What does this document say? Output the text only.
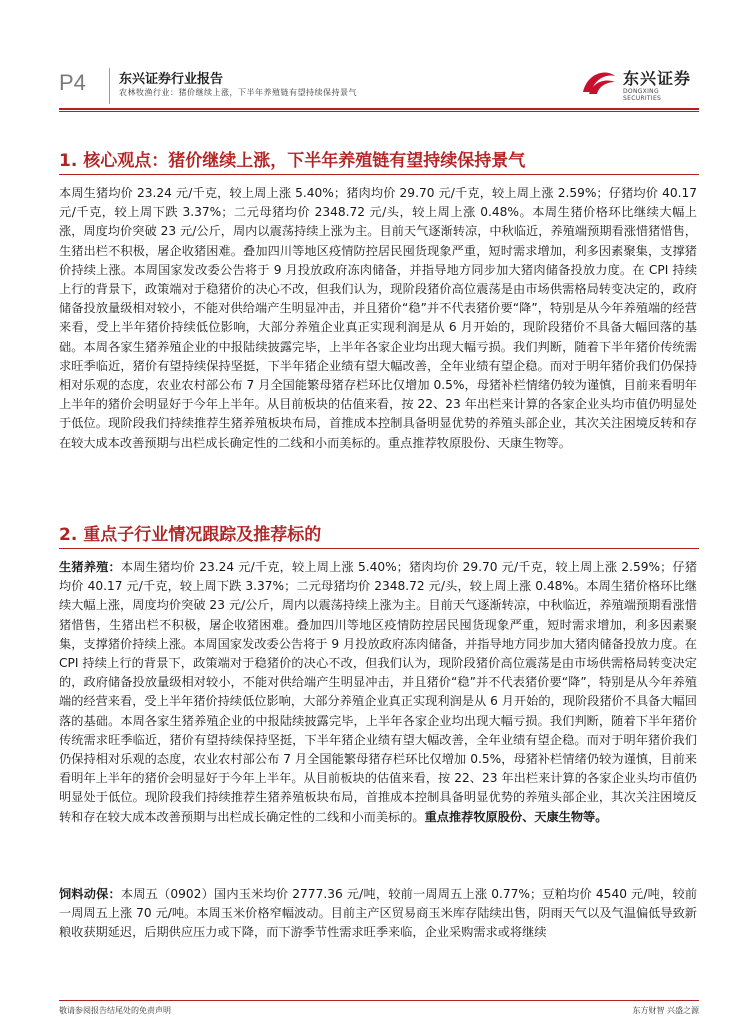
P4	东兴证券行业报告
农林牧渔行业：猪价继续上涨，下半年养殖链有望持续保持景气
东兴证券
DONGXING SECURITIES
1. 核心观点：猪价继续上涨，下半年养殖链有望持续保持景气
本周生猪均价 23.24 元/千克，较上周上涨 5.40%；猪肉均价 29.70 元/千克，较上周上涨 2.59%；仔猪均价 40.17 元/千克，较上周下跌 3.37%；二元母猪均价 2348.72 元/头，较上周上涨 0.48%。本周生猪价格环比继续大幅上涨，周度均价突破 23 元/公斤，周内以震荡持续上涨为主。目前天气逐渐转凉，中秋临近，养殖端预期看涨惜猪惜售，生猪出栏不积极，屠企收猪困难。叠加四川等地区疫情防控居民囤货现象严重，短时需求增加，利多因素聚集，支撑猪价持续上涨。本周国家发改委公告将于 9 月投放政府冻肉储备，并指导地方同步加大猪肉储备投放力度。在 CPI 持续上行的背景下，政策端对于稳猪价的决心不改，但我们认为，现阶段猪价高位震荡是由市场供需格局转变决定的，政府储备投放量级相对较小，不能对供给端产生明显冲击，并且猪价“稳”并不代表猪价要“降”，特别是从今年养殖端的经营来看，受上半年猪价持续低位影响，大部分养殖企业真正实现利润是从 6 月开始的，现阶段猪价不具备大幅回落的基础。本周各家生猪养殖企业的中报陆续披露完毕，上半年各家企业均出现大幅亏损。我们判断，随着下半年猪价传统需求旺季临近，猪价有望持续保持坚挺，下半年猪企业绩有望大幅改善，全年业绩有望企稳。而对于明年猪价我们仍保持相对乐观的态度，农业农村部公布 7 月全国能繁母猪存栏环比仅增加 0.5%，母猪补栏情绪仍较为谨慎，目前来看明年上半年的猪价会明显好于今年上半年。从目前板块的估值来看，按 22、23 年出栏来计算的各家企业头均市值仍明显处于低位。现阶段我们持续推荐生猪养殖板块布局，首推成本控制具备明显优势的养殖头部企业，其次关注困境反转和存在较大成本改善预期与出栏成长确定性的二线和小而美标的。重点推荐牧原股份、天康生物等。
2. 重点子行业情况跟踪及推荐标的
生猪养殖：本周生猪均价 23.24 元/千克，较上周上涨 5.40%；猪肉均价 29.70 元/千克，较上周上涨 2.59%；仔猪均价 40.17 元/千克，较上周下跌 3.37%；二元母猪均价 2348.72 元/头，较上周上涨 0.48%。本周生猪价格环比继续大幅上涨，周度均价突破 23 元/公斤，周内以震荡持续上涨为主。目前天气逐渐转凉，中秋临近，养殖端预期看涨惜猪惜售，生猪出栏不积极，屠企收猪困难。叠加四川等地区疫情防控居民囤货现象严重，短时需求增加，利多因素聚集，支撑猪价持续上涨。本周国家发改委公告将于 9 月投放政府冻肉储备，并指导地方同步加大猪肉储备投放力度。在 CPI 持续上行的背景下，政策端对于稳猪价的决心不改，但我们认为，现阶段猪价高位震荡是由市场供需格局转变决定的，政府储备投放量级相对较小，不能对供给端产生明显冲击，并且猪价“稳”并不代表猪价要“降”，特别是从今年养殖端的经营来看，受上半年猪价持续低位影响，大部分养殖企业真正实现利润是从 6 月开始的，现阶段猪价不具备大幅回落的基础。本周各家生猪养殖企业的中报陆续披露完毕，上半年各家企业均出现大幅亏损。我们判断，随着下半年猪价传统需求旺季临近，猪价有望持续保持坚挺，下半年猪企业绩有望大幅改善，全年业绩有望企稳。而对于明年猪价我们仍保持相对乐观的态度，农业农村部公布 7 月全国能繁母猪存栏环比仅增加 0.5%，母猪补栏情绪仍较为谨慎，目前来看明年上半年的猪价会明显好于今年上半年。从目前板块的估值来看，按 22、23 年出栏来计算的各家企业头均市值仍明显处于低位。现阶段我们持续推荐生猪养殖板块布局，首推成本控制具备明显优势的养殖头部企业，其次关注困境反转和存在较大成本改善预期与出栏成长确定性的二线和小而美标的。重点推荐牧原股份、天康生物等。
饲料动保：本周五（0902）国内玉米均价 2777.36 元/吨，较前一周周五上涨 0.77%；豆粕均价 4540 元/吨，较前一周周五上涨 70 元/吨。本周玉米价格窄幅波动。目前主产区贸易商玉米库存陆续出售，阴雨天气以及气温偏低导致新粮收获期延迟，后期供应压力或下降，而下游季节性需求旺季来临，企业采购需求或将继续
敬请参阅报告结尾处的免责声明	东方财智 兴盛之源
